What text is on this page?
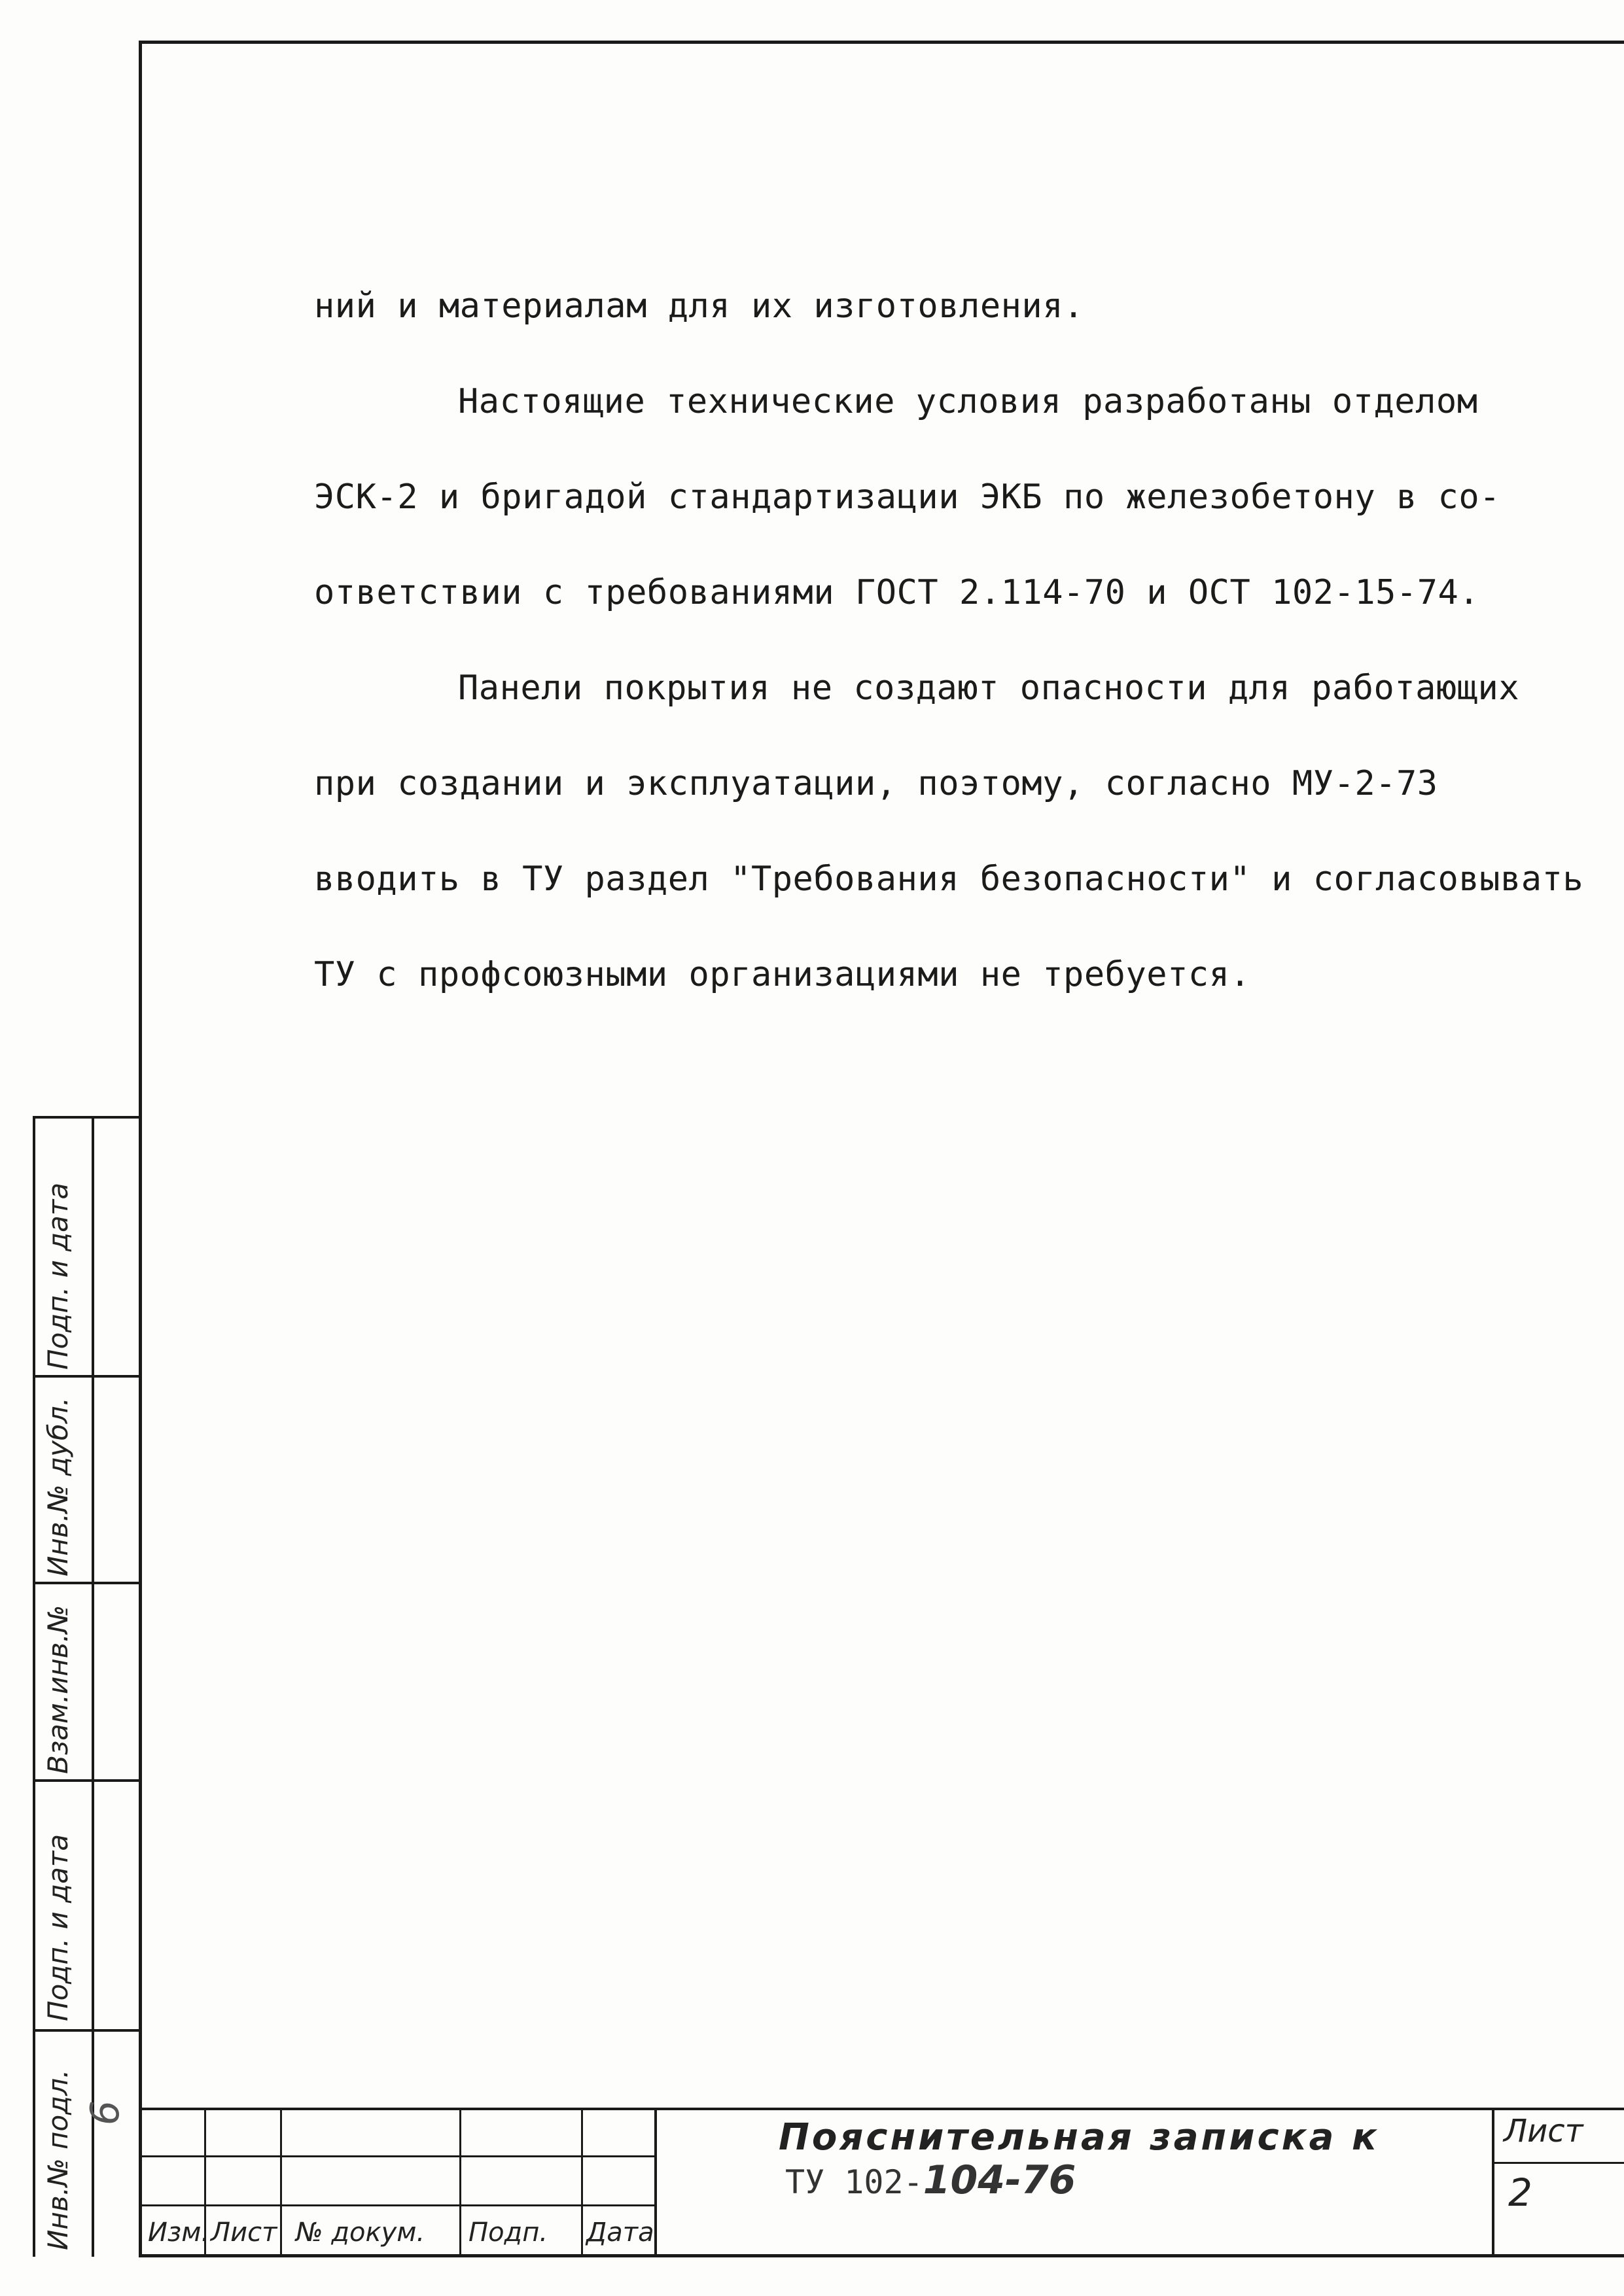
ний и материалам для их изготовления.

Настоящие технические условия разработаны отделом

ЭСК-2 и бригадой стандартизации ЭКБ по железобетону в со-

ответствии с требованиями ГОСТ 2.114-70 и ОСТ 102-15-74.

Панели покрытия не создают опасности для работающих

при создании и эксплуатации, поэтому, согласно МУ-2-73

вводить в ТУ раздел "Требования безопасности" и согласовывать

ТУ с профсоюзными организациями не требуется.

Инв.№ подл.
Подп. и дата
Взам.инв.№
Инв.№ дубл.
Подп. и дата
6
Изм. Лист № докум. Подп. Дата
Пояснительная записка к
ТУ 102-104-76
Лист
2
